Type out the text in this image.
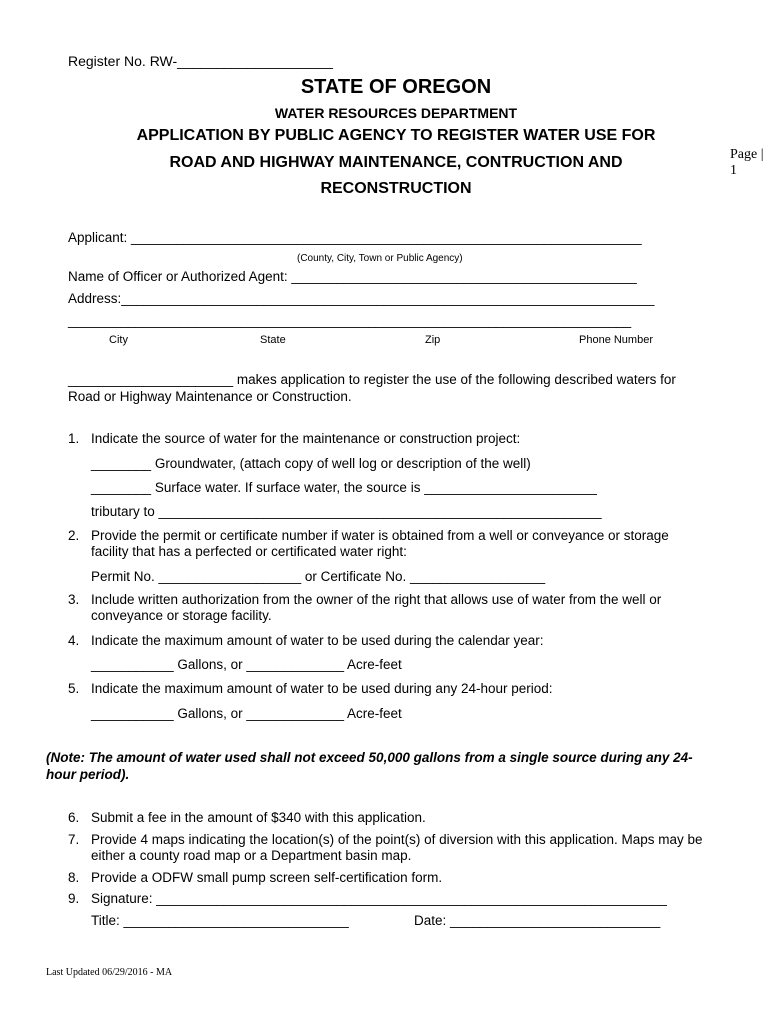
Register No. RW-____________________
STATE OF OREGON
WATER RESOURCES DEPARTMENT
APPLICATION BY PUBLIC AGENCY TO REGISTER WATER USE FOR
ROAD AND HIGHWAY MAINTENANCE, CONTRUCTION AND
RECONSTRUCTION
Page |
1
Applicant: ____________________________________________________________________
(County, City, Town or Public Agency)
Name of Officer or Authorized Agent: ______________________________________________
Address:_______________________________________________________________________
___________________________________________________________________________
City	State	Zip	Phone Number
______________________ makes application to register the use of the following described waters for
Road or Highway Maintenance or Construction.
1. Indicate the source of water for the maintenance or construction project:
________ Groundwater, (attach copy of well log or description of the well)
________ Surface water. If surface water, the source is _______________________
tributary to ___________________________________________________________
2. Provide the permit or certificate number if water is obtained from a well or conveyance or storage
facility that has a perfected or certificated water right:
Permit No. ___________________ or Certificate No. __________________
3. Include written authorization from the owner of the right that allows use of water from the well or
conveyance or storage facility.
4. Indicate the maximum amount of water to be used during the calendar year:
___________ Gallons, or _____________ Acre-feet
5. Indicate the maximum amount of water to be used during any 24-hour period:
___________ Gallons, or _____________ Acre-feet
(Note: The amount of water used shall not exceed 50,000 gallons from a single source during any 24-
hour period).
6. Submit a fee in the amount of $340 with this application.
7. Provide 4 maps indicating the location(s) of the point(s) of diversion with this application. Maps may be
either a county road map or a Department basin map.
8. Provide a ODFW small pump screen self-certification form.
9. Signature: ____________________________________________________________________
Title: ______________________________	Date: ____________________________
Last Updated 06/29/2016 - MA
